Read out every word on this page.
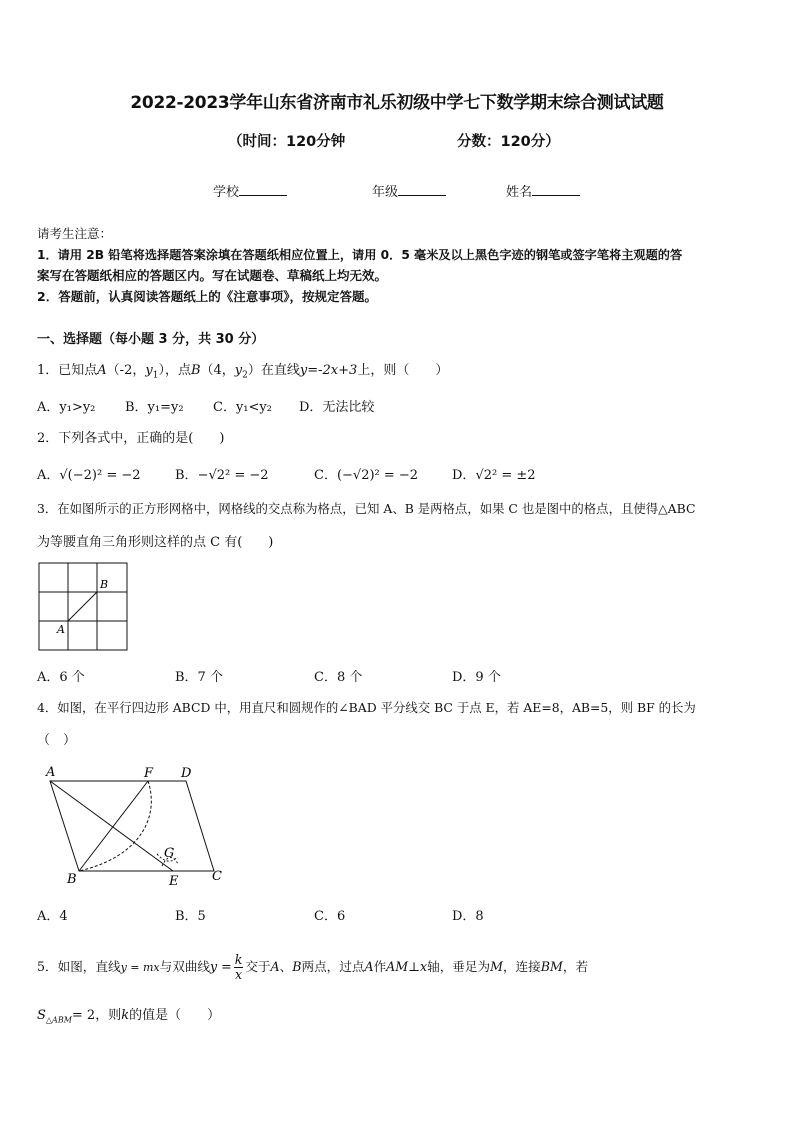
2022-2023学年山东省济南市礼乐初级中学七下数学期末综合测试试题
（时间：120分钟	分数：120分）
学校	年级	姓名
请考生注意：
1．请用 2B 铅笔将选择题答案涂填在答题纸相应位置上，请用 0．5 毫米及以上黑色字迹的钢笔或签字笔将主观题的答
案写在答题纸相应的答题区内。写在试题卷、草稿纸上均无效。
2．答题前，认真阅读答题纸上的《注意事项》，按规定答题。
一、选择题（每小题 3 分，共 30 分）
1．已知点A（-2，$y_1$），点B（4，$y_2$）在直线y=-2x+3上，则（　　）
A．y₁>y₂ B．y₁=y₂ C．y₁<y₂ D．无法比较
2．下列各式中，正确的是(　　)
A．√(−2)² = −2	B．−√2² = −2	C．(−√2)² = −2	D．√2² = ±2
3．在如图所示的正方形网格中，网格线的交点称为格点，已知 A、B 是两格点，如果 C 也是图中的格点，且使得△ABC
为等腰直角三角形则这样的点 C 有(　　)
A
B
A．6 个	B．7 个	C．8 个	D．9 个
4．如图，在平行四边形 ABCD 中，用直尺和圆规作的∠BAD 平分线交 BC 于点 E，若 AE=8，AB=5，则 BF 的长为
（　）
A	F D
G
B	E	C
A．4	B．5	C．6	D．8
5．如图，直线y = mx与双曲线$y = \frac{k}{x}$ 交于A、B两点，过点A作AM⊥x轴，垂足为M，连接BM，若
$S_{\triangle ABM}= 2$，则k的值是（　　）
